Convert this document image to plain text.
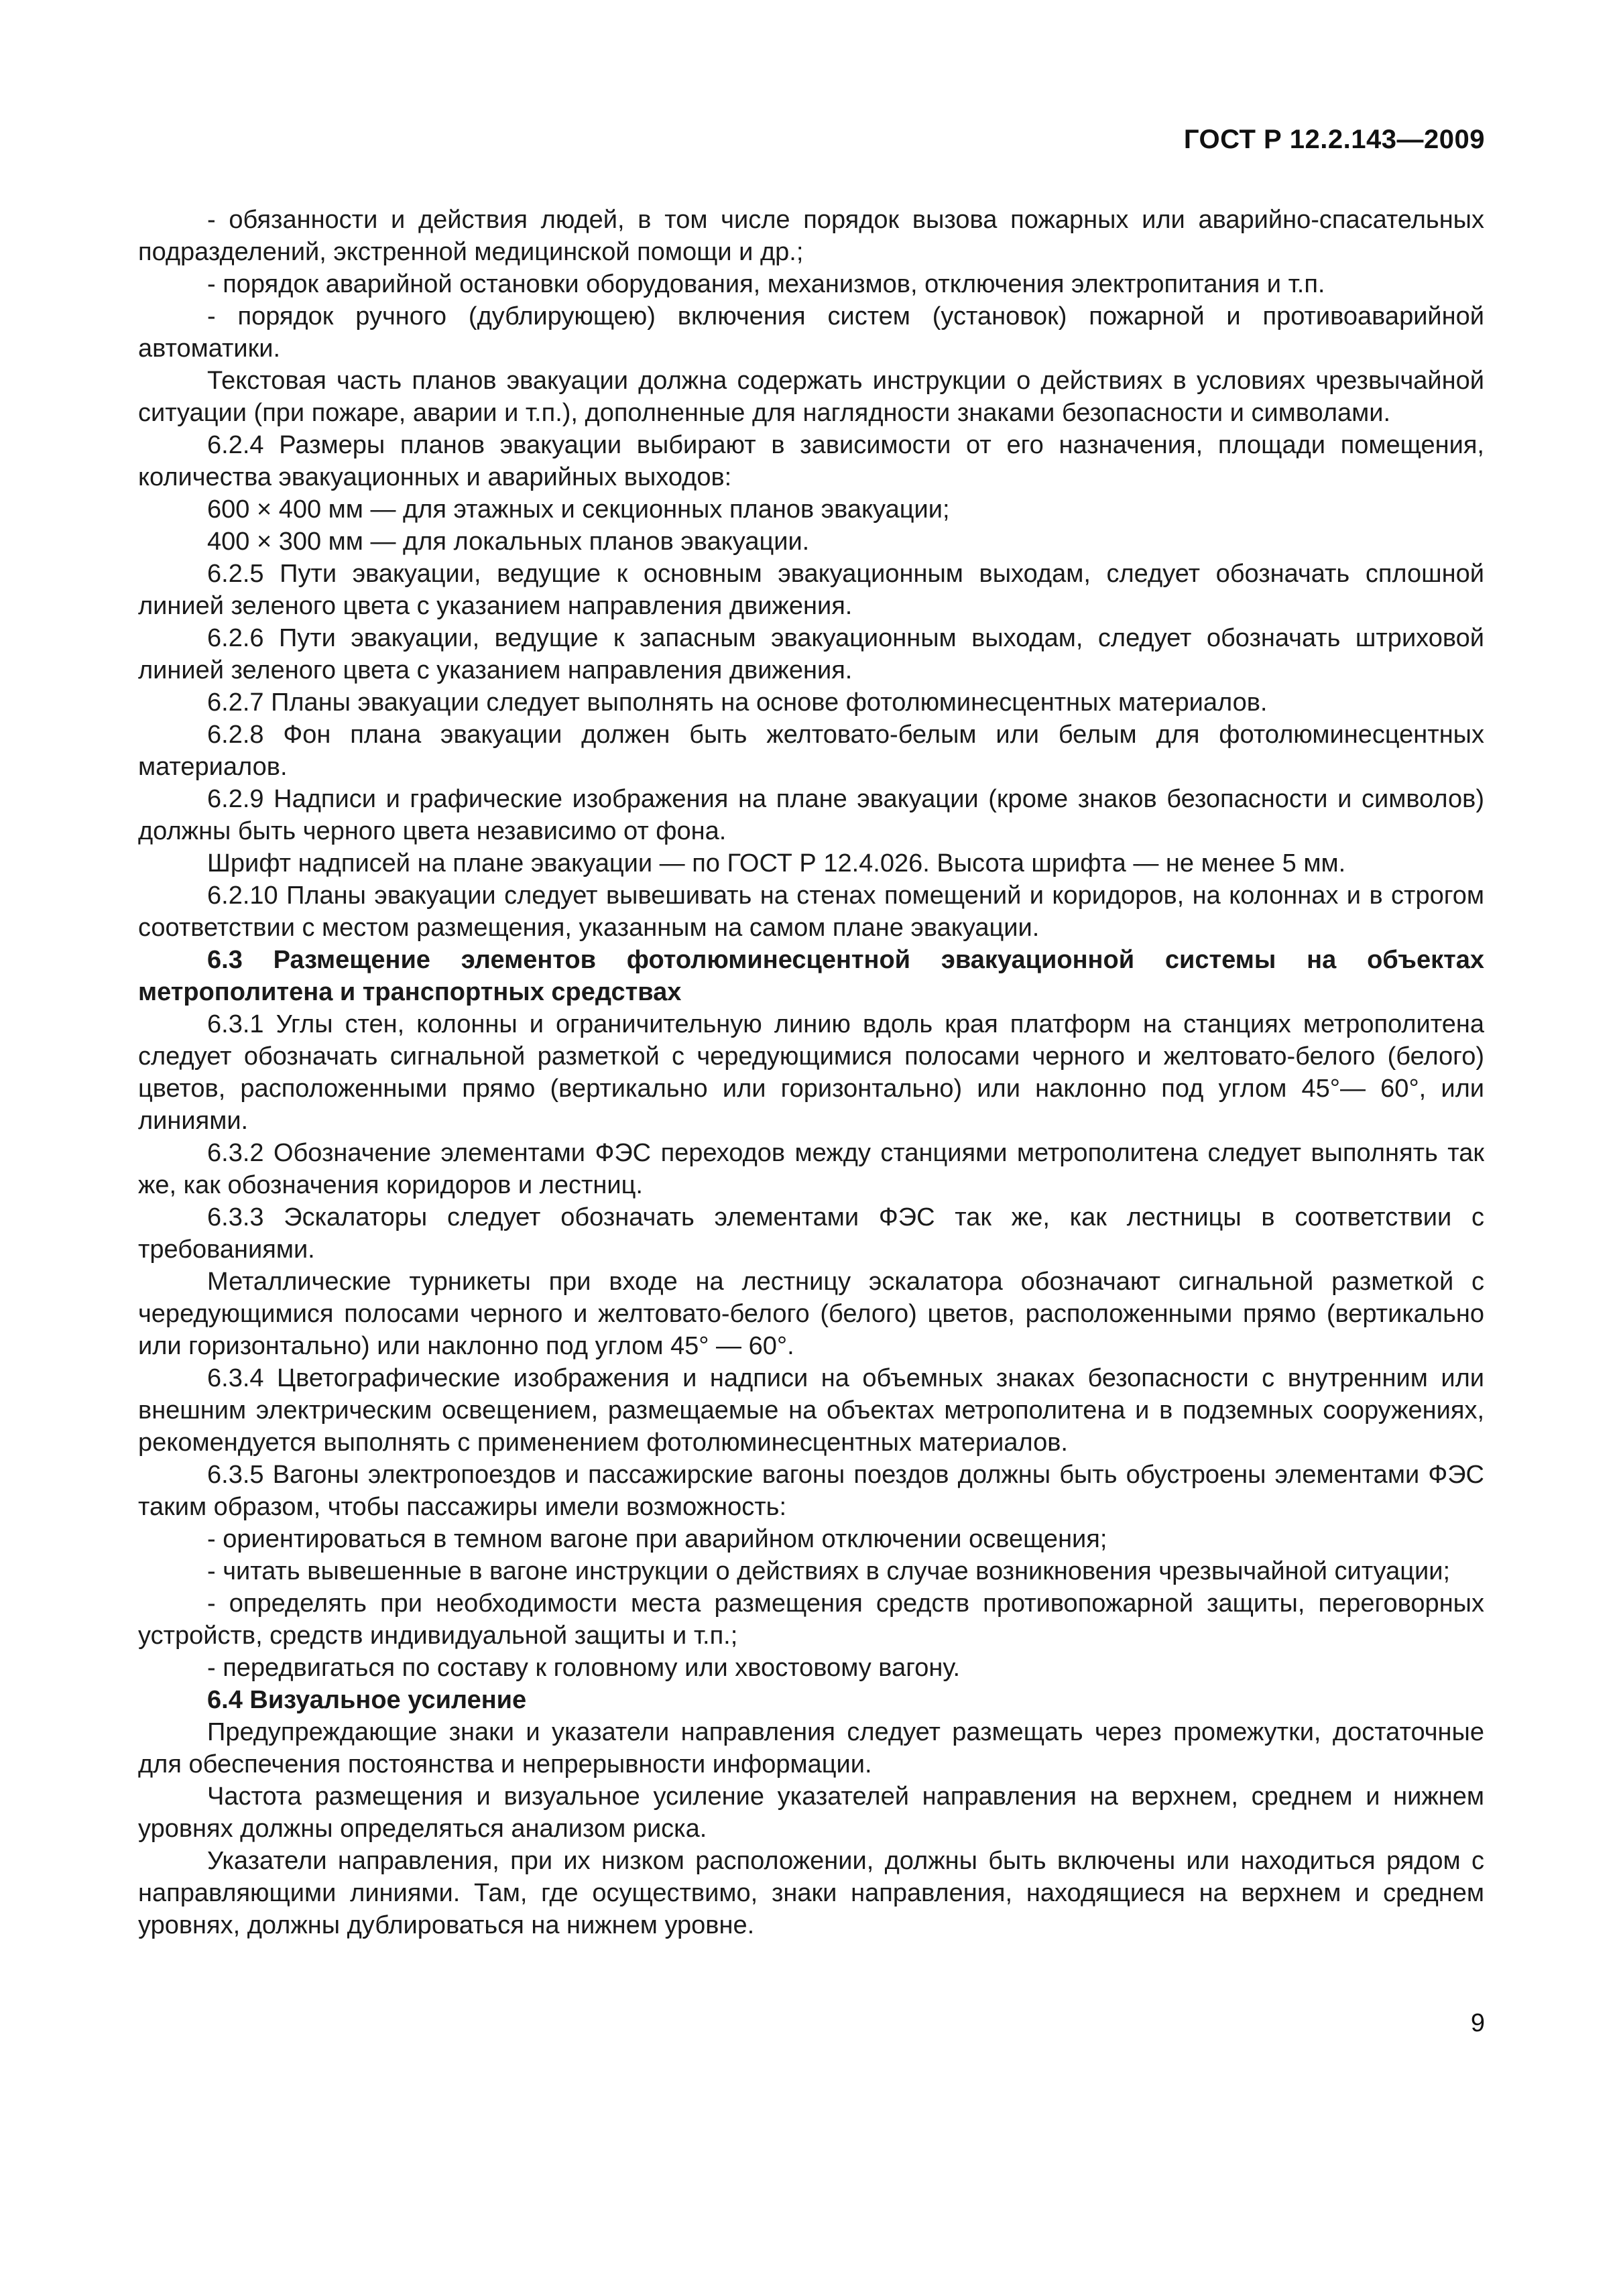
ГОСТ Р 12.2.143—2009

- обязанности и действия людей, в том числе порядок вызова пожарных или аварийно-спасательных подразделений, экстренной медицинской помощи и др.;

- порядок аварийной остановки оборудования, механизмов, отключения электропитания и т.п.

- порядок ручного (дублирующею) включения систем (установок) пожарной и противоаварийной автоматики.

Текстовая часть планов эвакуации должна содержать инструкции о действиях в условиях чрезвычайной ситуации (при пожаре, аварии и т.п.), дополненные для наглядности знаками безопасности и символами.

6.2.4 Размеры планов эвакуации выбирают в зависимости от его назначения, площади помещения, количества эвакуационных и аварийных выходов:

600 × 400 мм — для этажных и секционных планов эвакуации;

400 × 300 мм — для локальных планов эвакуации.

6.2.5 Пути эвакуации, ведущие к основным эвакуационным выходам, следует обозначать сплошной линией зеленого цвета с указанием направления движения.

6.2.6 Пути эвакуации, ведущие к запасным эвакуационным выходам, следует обозначать штриховой линией зеленого цвета с указанием направления движения.

6.2.7 Планы эвакуации следует выполнять на основе фотолюминесцентных материалов.

6.2.8 Фон плана эвакуации должен быть желтовато-белым или белым для фотолюминесцентных материалов.

6.2.9 Надписи и графические изображения на плане эвакуации (кроме знаков безопасности и символов) должны быть черного цвета независимо от фона.

Шрифт надписей на плане эвакуации — по ГОСТ Р 12.4.026. Высота шрифта — не менее 5 мм.

6.2.10 Планы эвакуации следует вывешивать на стенах помещений и коридоров, на колоннах и в строгом соответствии с местом размещения, указанным на самом плане эвакуации.

6.3 Размещение элементов фотолюминесцентной эвакуационной системы на объектах метрополитена и транспортных средствах

6.3.1 Углы стен, колонны и ограничительную линию вдоль края платформ на станциях метрополитена следует обозначать сигнальной разметкой с чередующимися полосами черного и желтовато-белого (белого) цветов, расположенными прямо (вертикально или горизонтально) или наклонно под углом 45°— 60°, или линиями.

6.3.2 Обозначение элементами ФЭС переходов между станциями метрополитена следует выполнять так же, как обозначения коридоров и лестниц.

6.3.3 Эскалаторы следует обозначать элементами ФЭС так же, как лестницы в соответствии с требованиями.

Металлические турникеты при входе на лестницу эскалатора обозначают сигнальной разметкой с чередующимися полосами черного и желтовато-белого (белого) цветов, расположенными прямо (вертикально или горизонтально) или наклонно под углом 45° — 60°.

6.3.4 Цветографические изображения и надписи на объемных знаках безопасности с внутренним или внешним электрическим освещением, размещаемые на объектах метрополитена и в подземных сооружениях, рекомендуется выполнять с применением фотолюминесцентных материалов.

6.3.5 Вагоны электропоездов и пассажирские вагоны поездов должны быть обустроены элементами ФЭС таким образом, чтобы пассажиры имели возможность:

- ориентироваться в темном вагоне при аварийном отключении освещения;

- читать вывешенные в вагоне инструкции о действиях в случае возникновения чрезвычайной ситуации;

- определять при необходимости места размещения средств противопожарной защиты, переговорных устройств, средств индивидуальной защиты и т.п.;

- передвигаться по составу к головному или хвостовому вагону.

6.4 Визуальное усиление

Предупреждающие знаки и указатели направления следует размещать через промежутки, достаточные для обеспечения постоянства и непрерывности информации.

Частота размещения и визуальное усиление указателей направления на верхнем, среднем и нижнем уровнях должны определяться анализом риска.

Указатели направления, при их низком расположении, должны быть включены или находиться рядом с направляющими линиями. Там, где осуществимо, знаки направления, находящиеся на верхнем и среднем уровнях, должны дублироваться на нижнем уровне.

9
